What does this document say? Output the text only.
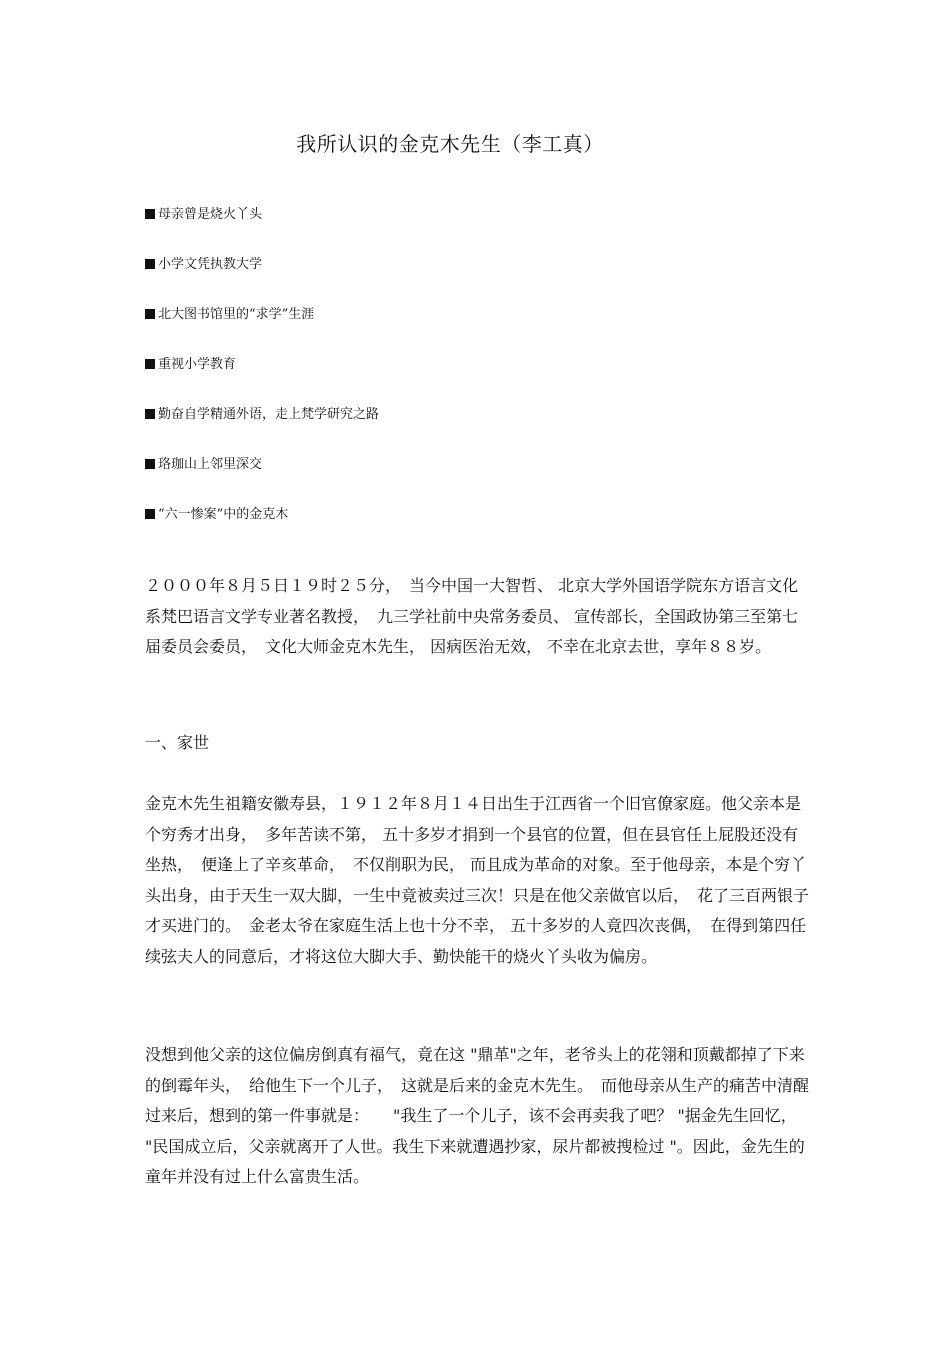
我所认识的金克木先生（李工真）
母亲曾是烧火丫头
小学文凭执教大学
北大图书馆里的“求学”生涯
重视小学教育
勤奋自学精通外语，走上梵学研究之路
珞珈山上邻里深交
“六一惨案”中的金克木

２０００年８月５日１９时２５分，　当今中国一大智哲、 北京大学外国语学院东方语言文化系梵巴语言文学专业著名教授，　九三学社前中央常务委员、 宣传部长，全国政协第三至第七届委员会委员，　文化大师金克木先生， 因病医治无效， 不幸在北京去世，享年８８岁。

一、家世

金克木先生祖籍安徽寿县，１９１２年８月１４日出生于江西省一个旧官僚家庭。他父亲本是个穷秀才出身，　多年苦读不第， 五十多岁才捐到一个县官的位置，但在县官任上屁股还没有坐热，　便逢上了辛亥革命，　不仅削职为民， 而且成为革命的对象。至于他母亲，本是个穷丫头出身，由于天生一双大脚，一生中竟被卖过三次！只是在他父亲做官以后，　花了三百两银子才买进门的。　金老太爷在家庭生活上也十分不幸， 五十多岁的人竟四次丧偶，　在得到第四任续弦夫人的同意后，才将这位大脚大手、勤快能干的烧火丫头收为偏房。

没想到他父亲的这位偏房倒真有福气，竟在这 "鼎革"之年，老爷头上的花翎和顶戴都掉了下来的倒霉年头，　给他生下一个儿子，　这就是后来的金克木先生。　而他母亲从生产的痛苦中清醒过来后，想到的第一件事就是：　　"我生了一个儿子，该不会再卖我了吧？ "据金先生回忆， "民国成立后，父亲就离开了人世。我生下来就遭遇抄家，尿片都被搜检过 "。因此，金先生的童年并没有过上什么富贵生活。
